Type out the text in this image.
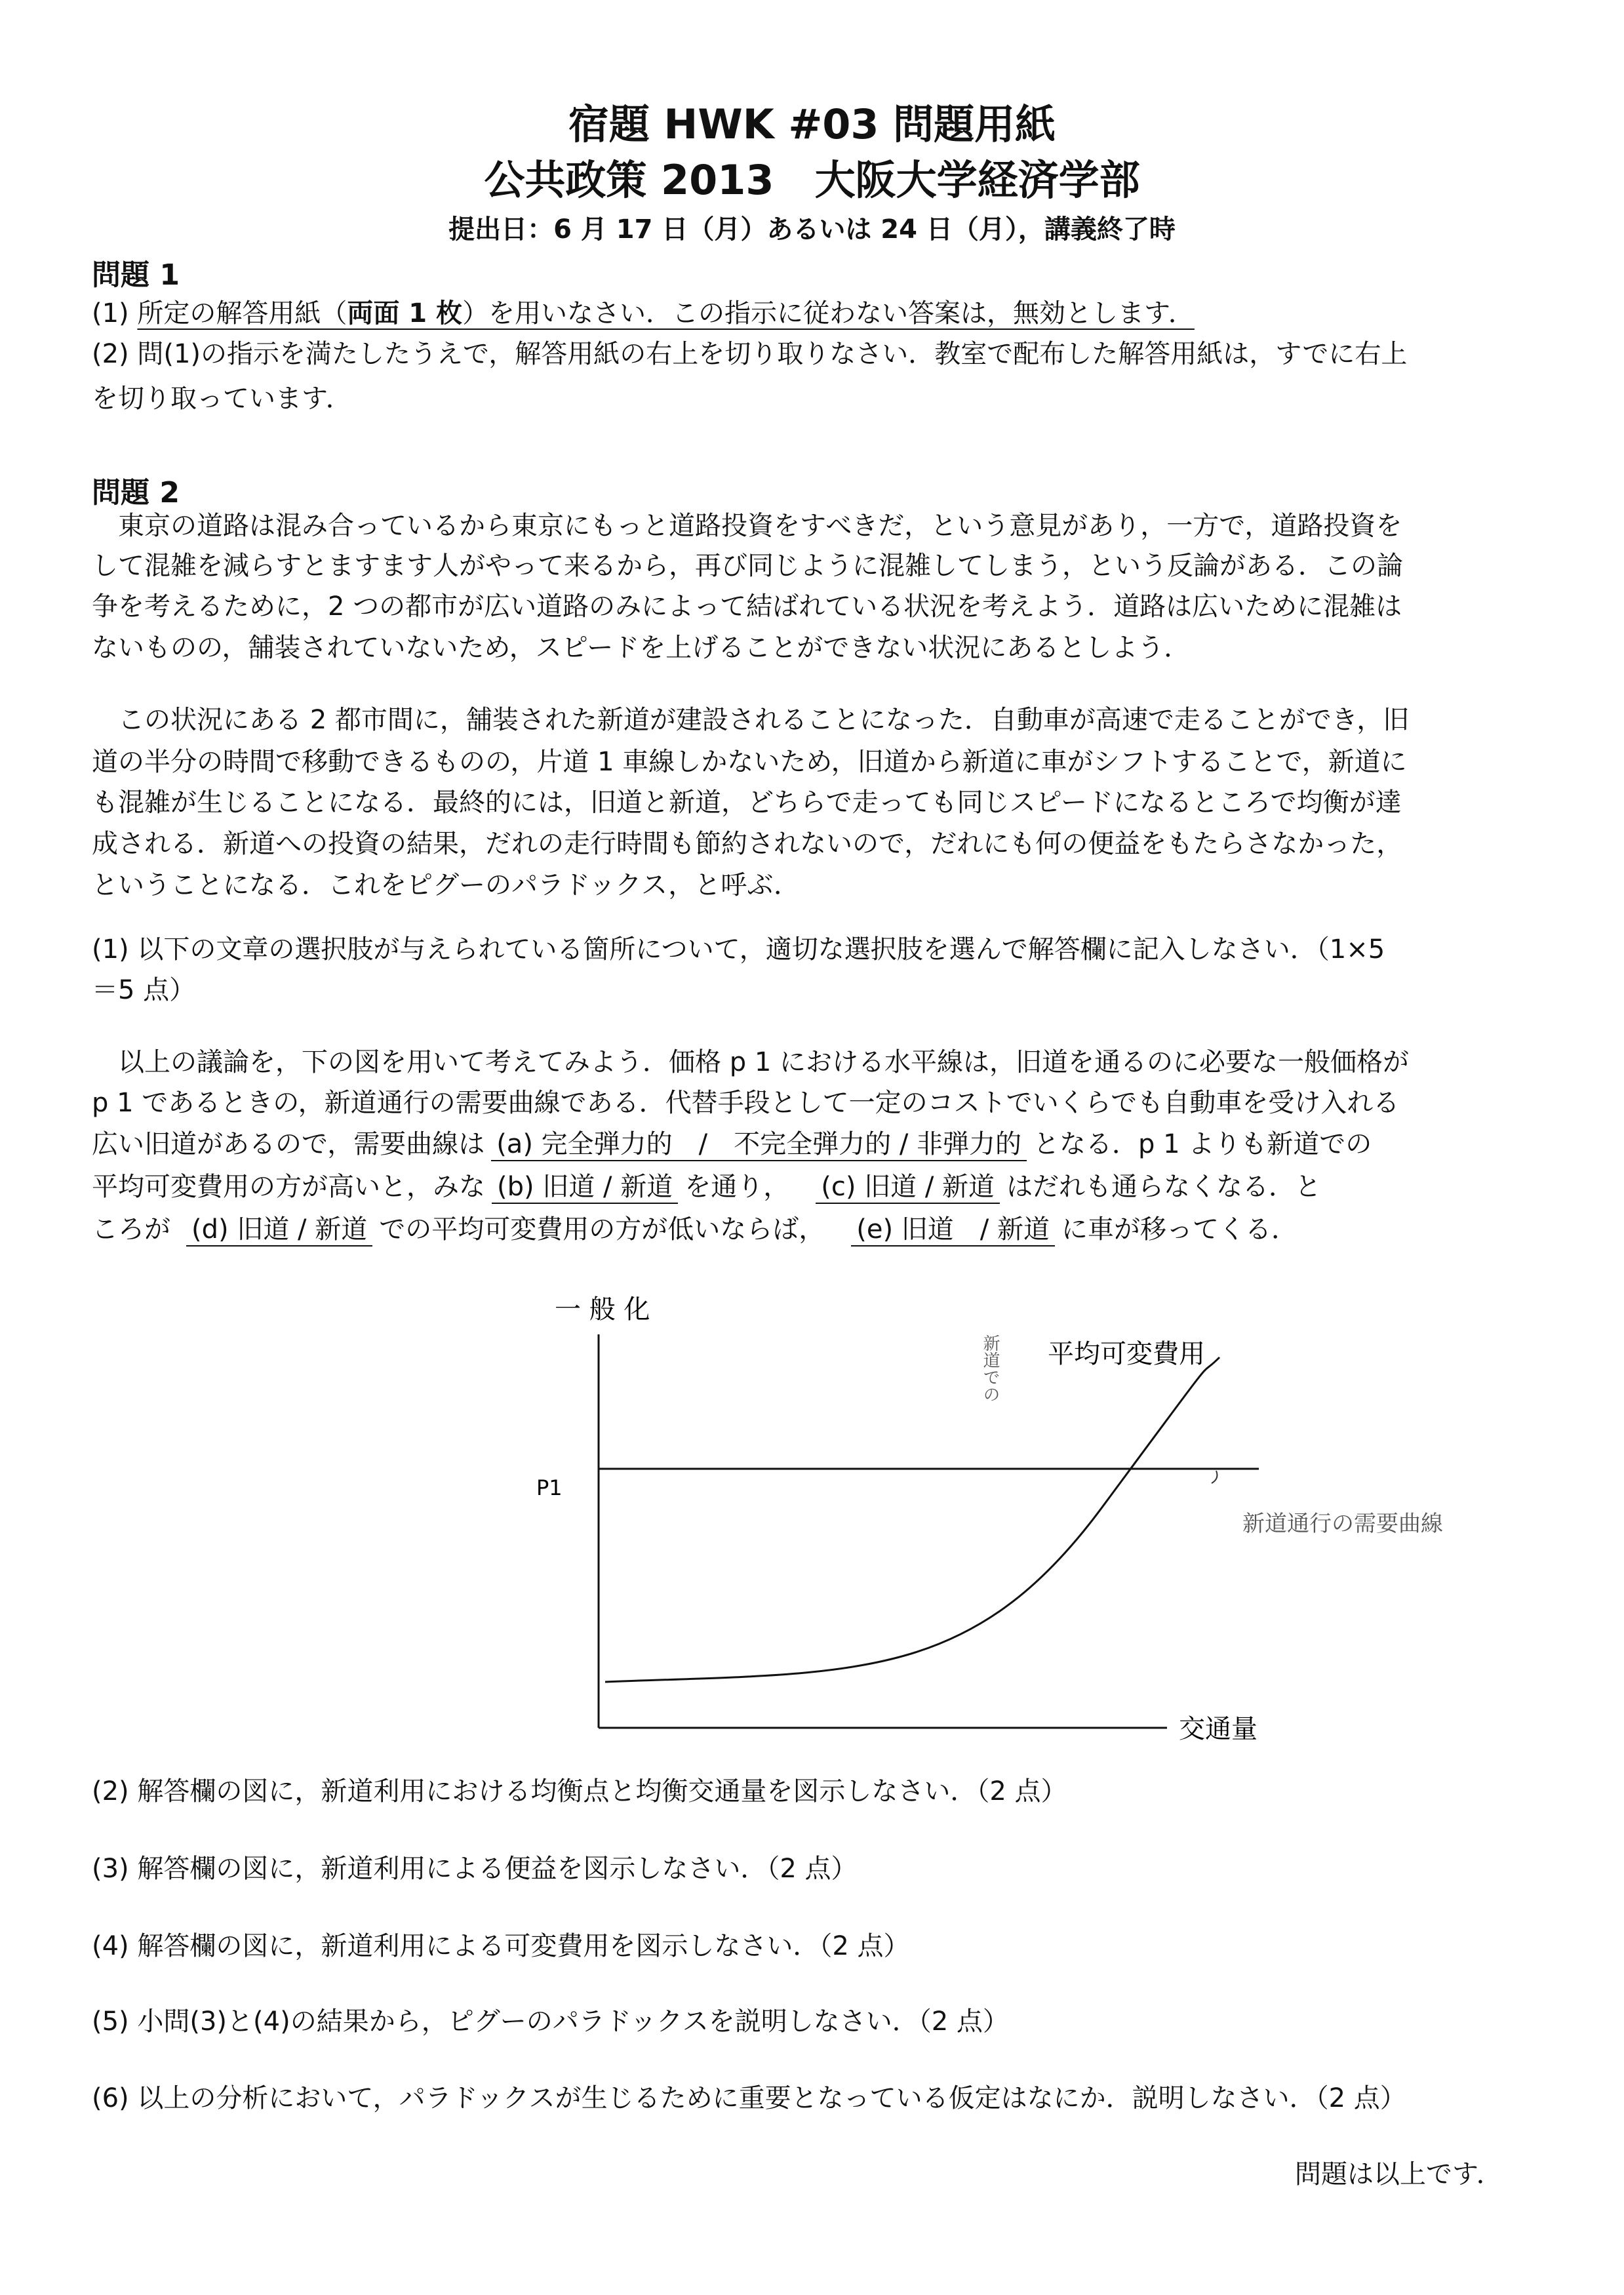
宿題 HWK #03 問題用紙
公共政策 2013　大阪大学経済学部
提出日：6 月 17 日（月）あるいは 24 日（月），講義終了時
問題 1
(1) 所定の解答用紙（両面 1 枚）を用いなさい．この指示に従わない答案は，無効とします．
(2) 問(1)の指示を満たしたうえで，解答用紙の右上を切り取りなさい．教室で配布した解答用紙は，すでに右上
を切り取っています．
問題 2
　東京の道路は混み合っているから東京にもっと道路投資をすべきだ，という意見があり，一方で，道路投資を
して混雑を減らすとますます人がやって来るから，再び同じように混雑してしまう，という反論がある．この論
争を考えるために，2 つの都市が広い道路のみによって結ばれている状況を考えよう．道路は広いために混雑は
ないものの，舗装されていないため，スピードを上げることができない状況にあるとしよう．
　この状況にある 2 都市間に，舗装された新道が建設されることになった．自動車が高速で走ることができ，旧
道の半分の時間で移動できるものの，片道 1 車線しかないため，旧道から新道に車がシフトすることで，新道に
も混雑が生じることになる．最終的には，旧道と新道，どちらで走っても同じスピードになるところで均衡が達
成される．新道への投資の結果，だれの走行時間も節約されないので，だれにも何の便益をもたらさなかった，
ということになる．これをピグーのパラドックス，と呼ぶ．
(1) 以下の文章の選択肢が与えられている箇所について，適切な選択肢を選んで解答欄に記入しなさい．（1×5
＝5 点）
　以上の議論を，下の図を用いて考えてみよう．価格 p 1 における水平線は，旧道を通るのに必要な一般価格が
p 1 であるときの，新道通行の需要曲線である．代替手段として一定のコストでいくらでも自動車を受け入れる
広い旧道があるので，需要曲線は (a) 完全弾力的　/　不完全弾力的 / 非弾力的 となる．p 1 よりも新道での
平均可変費用の方が高いと，みな (b) 旧道 / 新道 を通り， (c) 旧道 / 新道 はだれも通らなくなる．と
ころが (d) 旧道 / 新道 での平均可変費用の方が低いならば， (e) 旧道　/ 新道 に車が移ってくる．
一 般 化
P1
交通量
平均可変費用
新道での
新道通行の需要曲線
(2) 解答欄の図に，新道利用における均衡点と均衡交通量を図示しなさい．（2 点）
(3) 解答欄の図に，新道利用による便益を図示しなさい．（2 点）
(4) 解答欄の図に，新道利用による可変費用を図示しなさい．（2 点）
(5) 小問(3)と(4)の結果から，ピグーのパラドックスを説明しなさい．（2 点）
(6) 以上の分析において，パラドックスが生じるために重要となっている仮定はなにか．説明しなさい．（2 点）
問題は以上です．
